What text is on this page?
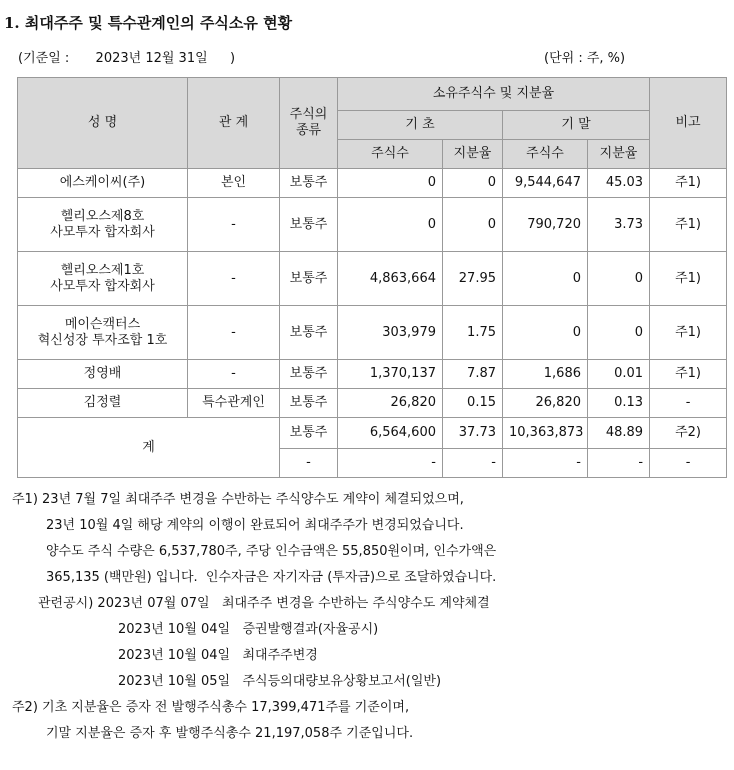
1. 최대주주 및 특수관계인의 주식소유 현황
(기준일 : 2023년 12월 31일 )	(단위 : 주, %)
성 명	관 계	주식의
종류	소유주식수 및 지분율				비고
			기 초		기 말		
			주식수	지분율	주식수	지분율	
에스케이씨(주)	본인	보통주	0	0	9,544,647	45.03	주1)

헬리오스제8호
사모투자 합자회사	-	보통주	0	0	790,720	3.73	주1)

헬리오스제1호
사모투자 합자회사	-	보통주	4,863,664	27.95	0	0	주1)

메이슨캑터스
혁신성장 투자조합 1호	-	보통주	303,979	1.75	0	0	주1)
정영배	-	보통주	1,370,137	7.87	1,686	0.01	주1)
김정렬	특수관계인	보통주	26,820	0.15	26,820	0.13	-
계		보통주	6,564,600	37.73	10,363,873	48.89	주2)
		-	-	-	-	-	-
주1) 23년 7월 7일 최대주주 변경을 수반하는 주식양수도 계약이 체결되었으며,
23년 10월 4일 해당 계약의 이행이 완료되어 최대주주가 변경되었습니다.
양수도 주식 수량은 6,537,780주, 주당 인수금액은 55,850원이며, 인수가액은
365,135 (백만원) 입니다.  인수자금은 자기자금 (투자금)으로 조달하였습니다.
관련공시) 2023년 07월 07일   최대주주 변경을 수반하는 주식양수도 계약체결
2023년 10월 04일   증권발행결과(자율공시)
2023년 10월 04일   최대주주변경
2023년 10월 05일   주식등의대량보유상황보고서(일반)
주2) 기초 지분율은 증자 전 발행주식총수 17,399,471주를 기준이며,
기말 지분율은 증자 후 발행주식총수 21,197,058주 기준입니다.
